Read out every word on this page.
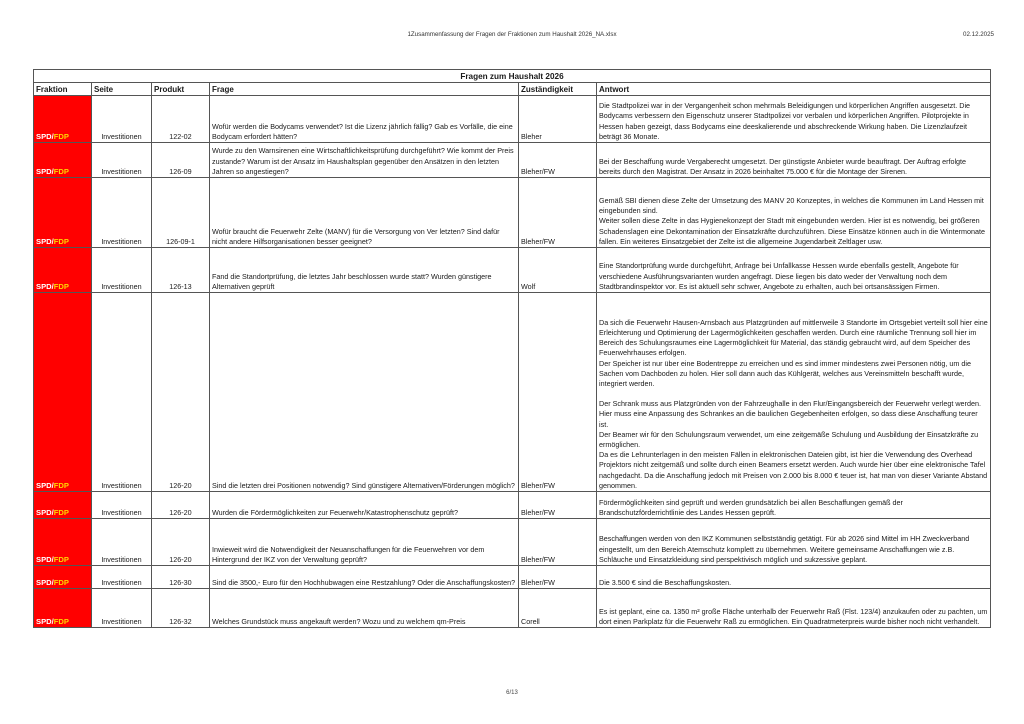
1Zusammenfassung der Fragen der Fraktionen zum Haushalt 2026_NA.xlsx	02.12.2025
Fragen zum Haushalt 2026					
Fraktion	Seite	Produkt	Frage	Zuständigkeit	Antwort
SPD/FDP	Investitionen	122-02	Wofür werden die Bodycams verwendet? Ist die Lizenz jährlich fällig? Gab es Vorfälle, die eine Bodycam erfordert hätten?	Bleher	Die Stadtpolizei war in der Vergangenheit schon mehrmals Beleidigungen und körperlichen Angriffen ausgesetzt. Die Bodycams verbessern den Eigenschutz unserer Stadtpolizei vor verbalen und körperlichen Angriffen. Pilotprojekte in Hessen haben gezeigt, dass Bodycams eine deeskalierende und abschreckende Wirkung haben. Die Lizenzlaufzeit beträgt 36 Monate.

SPD/FDP	Investitionen	126-09	Wurde zu den Warnsirenen eine Wirtschaftlichkeitsprüfung durchgeführt? Wie kommt der Preis zustande? Warum ist der Ansatz im Haushaltsplan gegenüber den Ansätzen in den letzten Jahren so angestiegen?	Bleher/FW	Bei der Beschaffung wurde Vergaberecht umgesetzt. Der günstigste Anbieter wurde beauftragt. Der Auftrag erfolgte bereits durch den Magistrat. Der Ansatz in 2026 beinhaltet 75.000 € für die Montage der Sirenen.

SPD/FDP	Investitionen	126-09-1	Wofür braucht die Feuerwehr Zelte (MANV) für die Versorgung von Ver letzten? Sind dafür nicht andere Hilfsorganisationen besser geeignet?	Bleher/FW	Gemäß SBI dienen diese Zelte der Umsetzung des MANV 20 Konzeptes, in welches die Kommunen im Land Hessen mit eingebunden sind.
Weiter sollen diese Zelte in das Hygienekonzept der Stadt mit eingebunden werden. Hier ist es notwendig, bei größeren Schadenslagen eine Dekontamination der Einsatzkräfte durchzuführen. Diese Einsätze können auch in die Wintermonate fallen. Ein weiteres Einsatzgebiet der Zelte ist die allgemeine Jugendarbeit Zeltlager usw.

SPD/FDP	Investitionen	126-13	Fand die Standortprüfung, die letztes Jahr beschlossen wurde statt? Wurden günstigere Alternativen geprüft	Wolf	Eine Standortprüfung wurde durchgeführt, Anfrage bei Unfallkasse Hessen wurde ebenfalls gestellt, Angebote für verschiedene Ausführungsvarianten wurden angefragt. Diese liegen bis dato weder der Verwaltung noch dem Stadtbrandinspektor vor. Es ist aktuell sehr schwer, Angebote zu erhalten, auch bei ortsansässigen Firmen.

SPD/FDP	Investitionen	126-20	Sind die letzten drei Positionen notwendig? Sind günstigere Alternativen/Förderungen möglich?	Bleher/FW	Da sich die Feuerwehr Hausen-Arnsbach aus Platzgründen auf mittlerweile 3 Standorte im Ortsgebiet verteilt soll hier eine Erleichterung und Optimierung der Lagermöglichkeiten geschaffen werden. Durch eine räumliche Trennung soll hier im Bereich des Schulungsraumes eine Lagermöglichkeit für Material, das ständig gebraucht wird, auf dem Speicher des Feuerwehrhauses erfolgen.
Der Speicher ist nur über eine Bodentreppe zu erreichen und es sind immer mindestens zwei Personen nötig, um die Sachen vom Dachboden zu holen. Hier soll dann auch das Kühlgerät, welches aus Vereinsmitteln beschafft wurde, integriert werden.
Der Schrank muss aus Platzgründen von der Fahrzeughalle in den Flur/Eingangsbereich der Feuerwehr verlegt werden. Hier muss eine Anpassung des Schrankes an die baulichen Gegebenheiten erfolgen, so dass diese Anschaffung teurer ist.
Der Beamer wir für den Schulungsraum verwendet, um eine zeitgemäße Schulung und Ausbildung der Einsatzkräfte zu ermöglichen.
Da es die Lehrunterlagen in den meisten Fällen in elektronischen Dateien gibt, ist hier die Verwendung des Overhead Projektors nicht zeitgemäß und sollte durch einen Beamers ersetzt werden. Auch wurde hier über eine elektronische Tafel nachgedacht. Da die Anschaffung jedoch mit Preisen von 2.000 bis 8.000 € teuer ist, hat man von dieser Variante Abstand genommen.

SPD/FDP	Investitionen	126-20	Wurden die Fördermöglichkeiten zur Feuerwehr/Katastrophenschutz geprüft?	Bleher/FW	Fördermöglichkeiten sind geprüft und werden grundsätzlich bei allen Beschaffungen gemäß der Brandschutzförderrichtlinie des Landes Hessen geprüft.

SPD/FDP	Investitionen	126-20	Inwieweit wird die Notwendigkeit der Neuanschaffungen für die Feuerwehren vor dem Hintergrund der IKZ von der Verwaltung geprüft?	Bleher/FW	Beschaffungen werden von den IKZ Kommunen selbstständig getätigt. Für ab 2026 sind Mittel im HH Zweckverband eingestellt, um den Bereich Atemschutz komplett zu übernehmen. Weitere gemeinsame Anschaffungen wie z.B. Schläuche und Einsatzkleidung sind perspektivisch möglich und sukzessive geplant.

SPD/FDP	Investitionen	126-30	Sind die 3500,- Euro für den Hochhubwagen eine Restzahlung? Oder die Anschaffungskosten?	Bleher/FW	Die 3.500 € sind die Beschaffungskosten.

SPD/FDP	Investitionen	126-32	Welches Grundstück muss angekauft werden? Wozu und zu welchem qm-Preis	Corell	Es ist geplant, eine ca. 1350 m² große Fläche unterhalb der Feuerwehr Raß (Flst. 123/4) anzukaufen oder zu pachten, um dort einen Parkplatz für die Feuerwehr Raß zu ermöglichen. Ein Quadratmeterpreis wurde bisher noch nicht verhandelt.
6/13
